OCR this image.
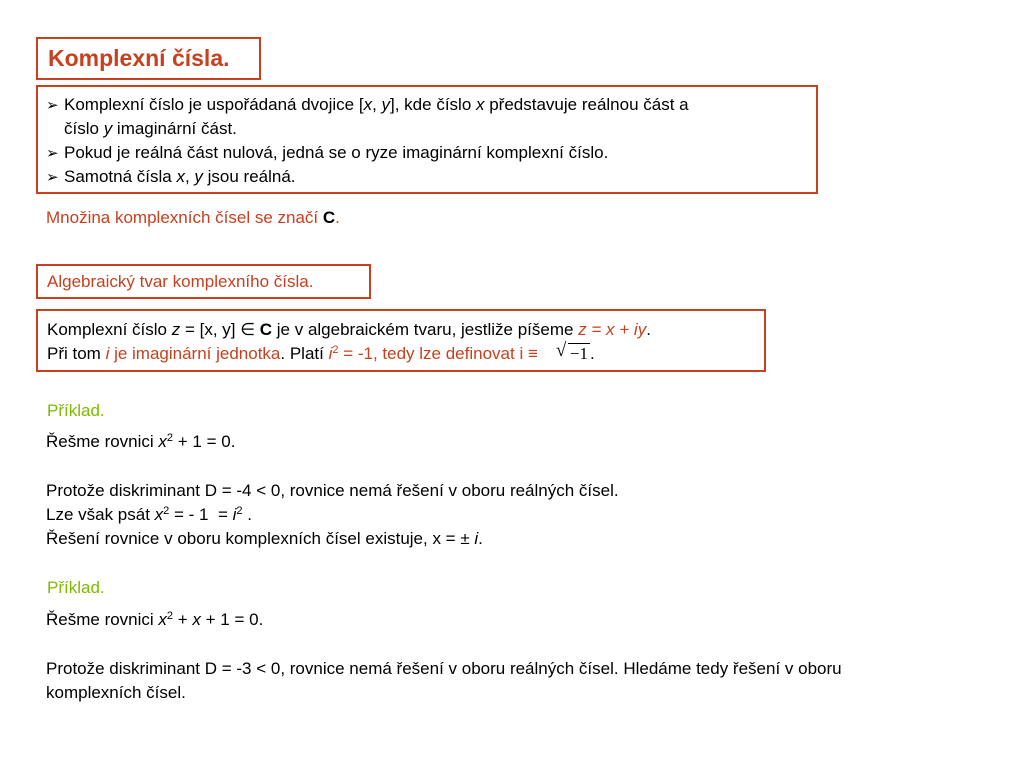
Komplexní čísla.
➢ Komplexní číslo je uspořádaná dvojice [x, y], kde číslo x představuje reálnou část a
číslo y imaginární část.
➢ Pokud je reálná část nulová, jedná se o ryze imaginární komplexní číslo.
➢ Samotná čísla x, y jsou reálná.
Množina komplexních čísel se značí C.
Algebraický tvar komplexního čísla.
Komplexní číslo z = [x, y] ∈ C je v algebraickém tvaru, jestliže píšeme z = x + iy.
Při tom i je imaginární jednotka. Platí $i^2 = -1$, tedy lze definovat i ≡ √ −1 .
Příklad.
Řešme rovnici $x^2 + 1 = 0$.
Protože diskriminant D = -4 < 0, rovnice nemá řešení v oboru reálných čísel.
Lze však psát $x^2$ = - $1 = i^2$ .
Řešení rovnice v oboru komplexních čísel existuje, x = ± i.
Příklad.
Řešme rovnici $x^2 + x + 1 = 0$.
Protože diskriminant D = -3 < 0, rovnice nemá řešení v oboru reálných čísel. Hledáme tedy řešení v oboru
komplexních čísel.
